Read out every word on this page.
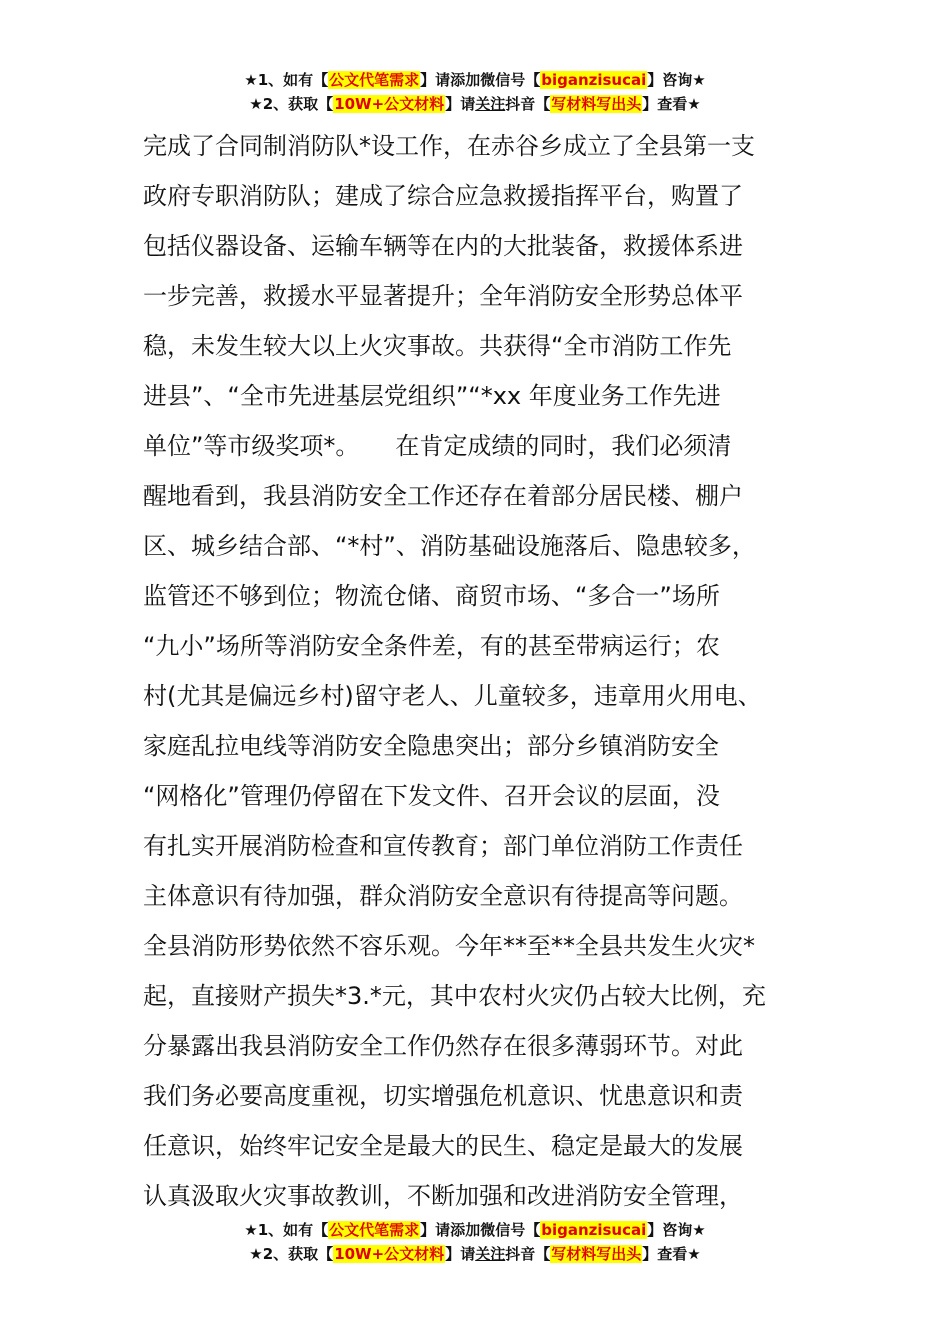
★1、如有【公文代笔需求】请添加微信号【biganzisucai】咨询★
★2、获取【10W+公文材料】请关注抖音【写材料写出头】查看★
完成了合同制消防队*设工作，在赤谷乡成立了全县第一支
政府专职消防队；建成了综合应急救援指挥平台，购置了
包括仪器设备、运输车辆等在内的大批装备，救援体系进
一步完善，救援水平显著提升；全年消防安全形势总体平
稳，未发生较大以上火灾事故。共获得“全市消防工作先
进县”、“全市先进基层党组织”“*xx 年度业务工作先进
单位”等市级奖项*。　　在肯定成绩的同时，我们必须清
醒地看到，我县消防安全工作还存在着部分居民楼、棚户
区、城乡结合部、“*村”、消防基础设施落后、隐患较多，
监管还不够到位；物流仓储、商贸市场、“多合一”场所
“九小”场所等消防安全条件差，有的甚至带病运行；农
村(尤其是偏远乡村)留守老人、儿童较多，违章用火用电、
家庭乱拉电线等消防安全隐患突出；部分乡镇消防安全
“网格化”管理仍停留在下发文件、召开会议的层面，没
有扎实开展消防检查和宣传教育；部门单位消防工作责任
主体意识有待加强，群众消防安全意识有待提高等问题。
全县消防形势依然不容乐观。今年**至**全县共发生火灾*
起，直接财产损失*3.*元，其中农村火灾仍占较大比例，充
分暴露出我县消防安全工作仍然存在很多薄弱环节。对此
我们务必要高度重视，切实增强危机意识、忧患意识和责
任意识，始终牢记安全是最大的民生、稳定是最大的发展
认真汲取火灾事故教训，不断加强和改进消防安全管理，
★1、如有【公文代笔需求】请添加微信号【biganzisucai】咨询★
★2、获取【10W+公文材料】请关注抖音【写材料写出头】查看★
